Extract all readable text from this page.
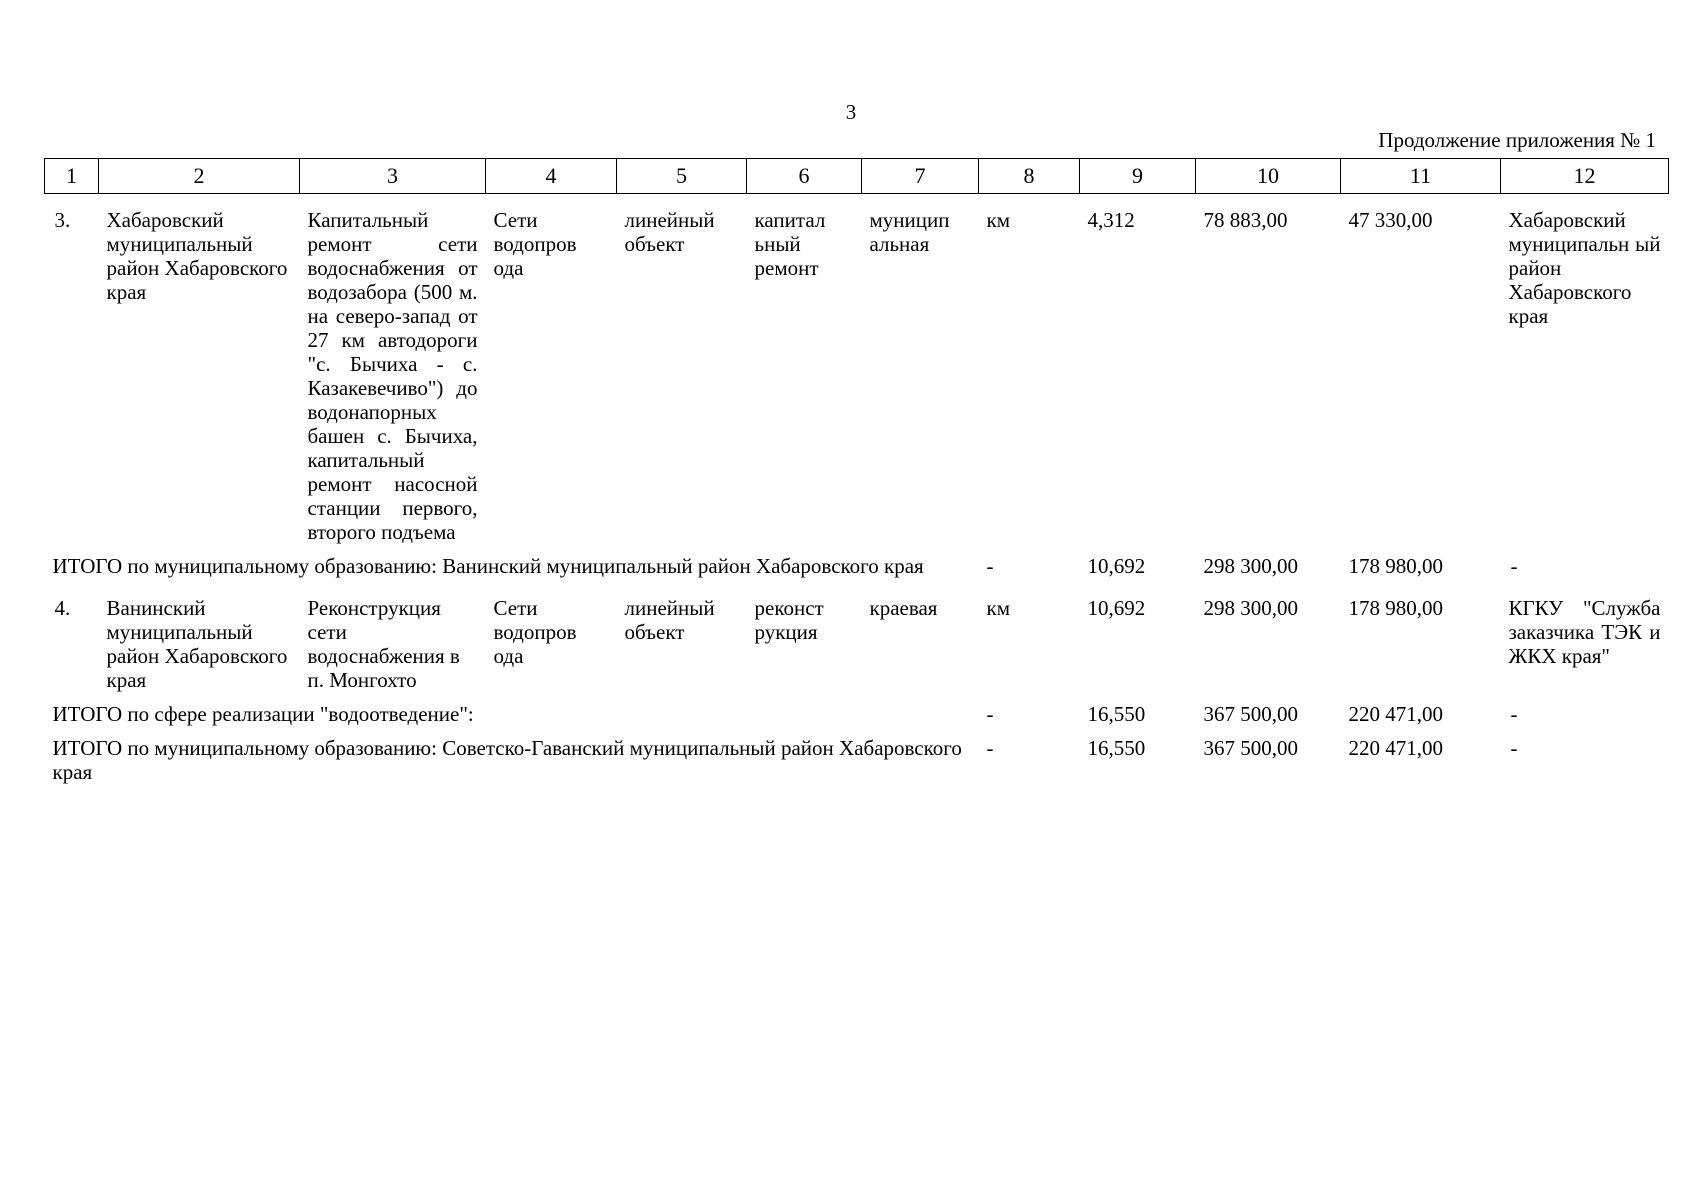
3
Продолжение приложения № 1
1	2	3	4	5	6	7	8	9	10	11	12
3.	Хабаровский муниципальный район Хабаровского края	Капитальный ремонт сети водоснабжения от водозабора (500 м. на северо-запад от 27 км автодороги "с. Бычиха - с. Казакевечиво") до водонапорных башен с. Бычиха, капитальный ремонт насосной станции первого, второго подъема	Сети водопров ода	линейный объект	капитал ьный ремонт	муницип альная	км	4,312	78 883,00	47 330,00	Хабаровский муниципальн ый район Хабаровского края
ИТОГО по муниципальному образованию: Ванинский муниципальный район Хабаровского края							-	10,692	298 300,00	178 980,00	-
4.	Ванинский муниципальный район Хабаровского края	Реконструкция сети водоснабжения в п. Монгохто	Сети водопров ода	линейный объект	реконст рукция	краевая	км	10,692	298 300,00	178 980,00	КГКУ "Служба заказчика ТЭК и ЖКХ края"
ИТОГО по сфере реализации "водоотведение":							-	16,550	367 500,00	220 471,00	-
ИТОГО по муниципальному образованию: Советско-Гаванский муниципальный район Хабаровского края							-	16,550	367 500,00	220 471,00	-
